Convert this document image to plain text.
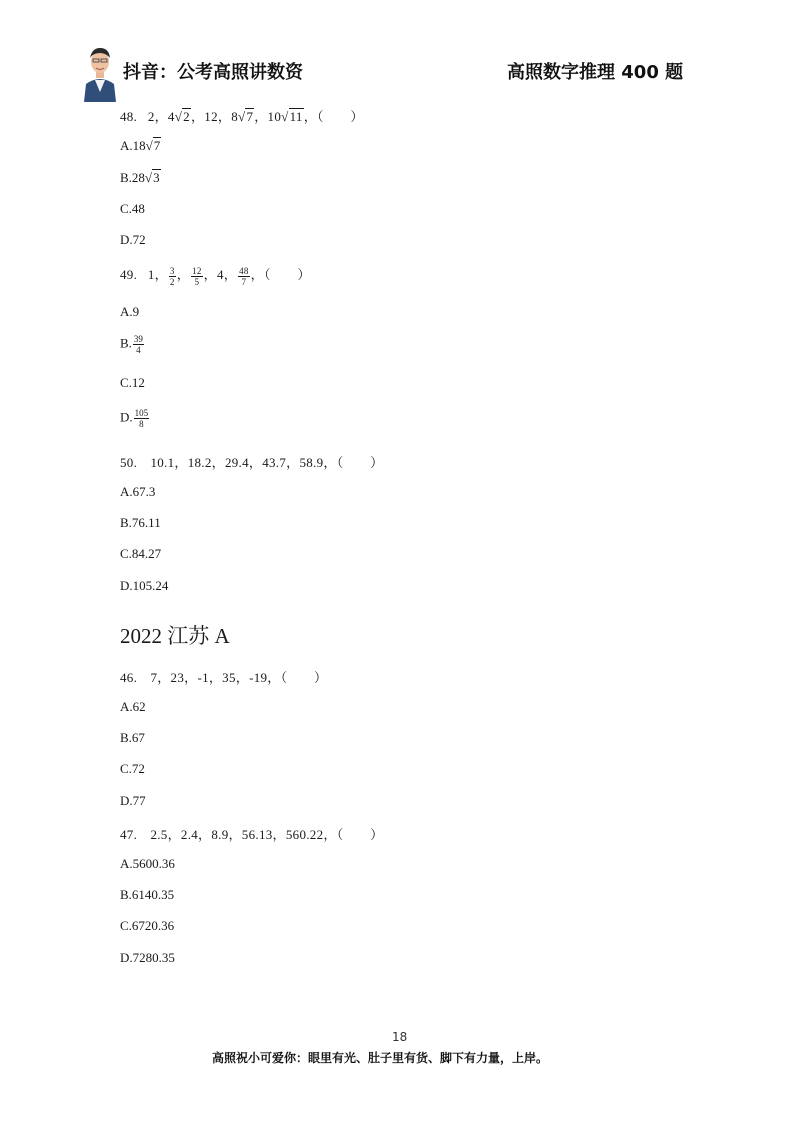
抖音：公考高照讲数资	高照数字推理 400 题
48. 2，4√2，12，8√7，10√11，（　　）
A.18√7
B.28√3
C.48
D.72
49. 1， $\frac{3}{2}$ ， $\frac{12}{5}$ ，4， $\frac{48}{7}$ ，（　　）
A.9
B. $\frac{39}{4}$
C.12
D. $\frac{105}{8}$
50.　10.1，18.2，29.4，43.7，58.9，（　　）
A.67.3
B.76.11
C.84.27
D.105.24
2022 江苏 A
46.　7，23，-1，35，-19，（　　）
A.62
B.67
C.72
D.77
47.　2.5，2.4，8.9，56.13，560.22，（　　）
A.5600.36
B.6140.35
C.6720.36
D.7280.35
18
高照祝小可爱你：眼里有光、肚子里有货、脚下有力量，上岸。
